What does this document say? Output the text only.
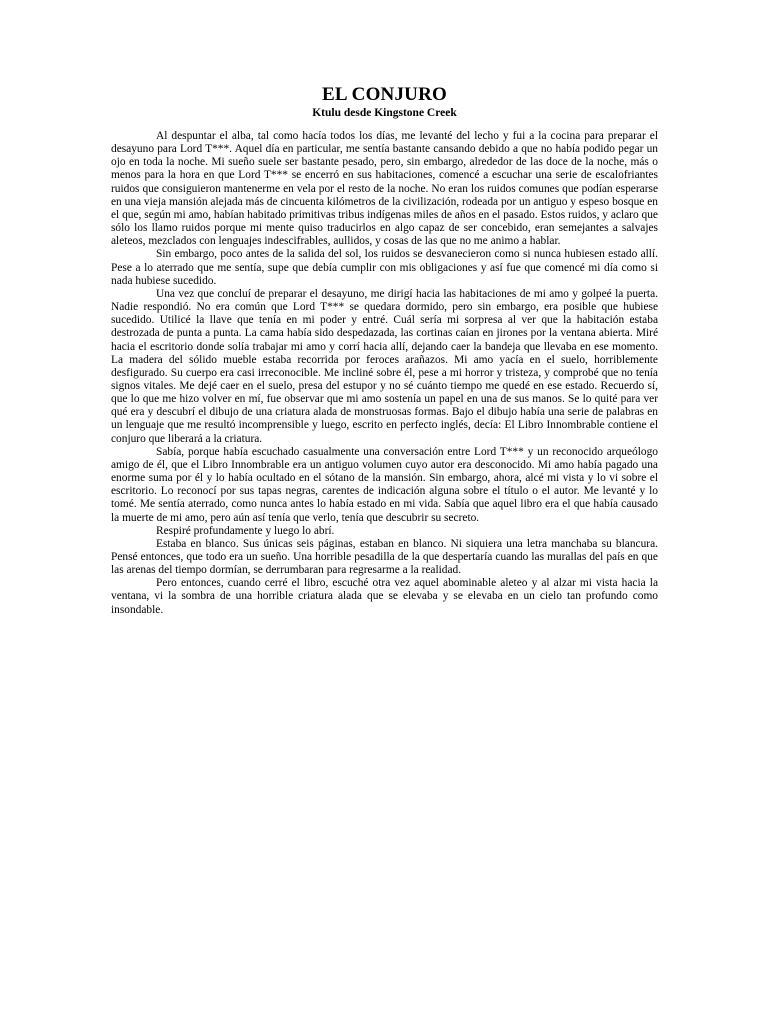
EL CONJURO
Ktulu desde Kingstone Creek

Al despuntar el alba, tal como hacía todos los días, me levanté del lecho y fui a la cocina para preparar el desayuno para Lord T***. Aquel día en particular, me sentía bastante cansando debido a que no había podido pegar un ojo en toda la noche. Mi sueño suele ser bastante pesado, pero, sin embargo, alrededor de las doce de la noche, más o menos para la hora en que Lord T*** se encerró en sus habitaciones, comencé a escuchar una serie de escalofriantes ruidos que consiguieron mantenerme en vela por el resto de la noche. No eran los ruidos comunes que podían esperarse en una vieja mansión alejada más de cincuenta kilómetros de la civilización, rodeada por un antiguo y espeso bosque en el que, según mi amo, habían habitado primitivas tribus indígenas miles de años en el pasado. Estos ruidos, y aclaro que sólo los llamo ruidos porque mi mente quiso traducirlos en algo capaz de ser concebido, eran semejantes a salvajes aleteos, mezclados con lenguajes indescifrables, aullidos, y cosas de las que no me animo a hablar.

Sin embargo, poco antes de la salida del sol, los ruidos se desvanecieron como si nunca hubiesen estado allí. Pese a lo aterrado que me sentía, supe que debía cumplir con mis obligaciones y así fue que comencé mi día como si nada hubiese sucedido.

Una vez que concluí de preparar el desayuno, me dirigí hacia las habitaciones de mi amo y golpeé la puerta. Nadie respondió. No era común que Lord T*** se quedara dormido, pero sin embargo, era posible que hubiese sucedido. Utilicé la llave que tenía en mi poder y entré. Cuál sería mi sorpresa al ver que la habitación estaba destrozada de punta a punta. La cama había sido despedazada, las cortinas caían en jirones por la ventana abierta. Miré hacia el escritorio donde solía trabajar mi amo y corrí hacia allí, dejando caer la bandeja que llevaba en ese momento. La madera del sólido mueble estaba recorrida por feroces arañazos. Mi amo yacía en el suelo, horriblemente desfigurado. Su cuerpo era casi irreconocible. Me incliné sobre él, pese a mi horror y tristeza, y comprobé que no tenía signos vitales. Me dejé caer en el suelo, presa del estupor y no sé cuánto tiempo me quedé en ese estado. Recuerdo sí, que lo que me hizo volver en mí, fue observar que mi amo sostenía un papel en una de sus manos. Se lo quité para ver qué era y descubrí el dibujo de una criatura alada de monstruosas formas. Bajo el dibujo había una serie de palabras en un lenguaje que me resultó incomprensible y luego, escrito en perfecto inglés, decía: El Libro Innombrable contiene el conjuro que liberará a la criatura.

Sabía, porque había escuchado casualmente una conversación entre Lord T*** y un reconocido arqueólogo amigo de él, que el Libro Innombrable era un antiguo volumen cuyo autor era desconocido. Mi amo había pagado una enorme suma por él y lo había ocultado en el sótano de la mansión. Sin embargo, ahora, alcé mi vista y lo vi sobre el escritorio. Lo reconocí por sus tapas negras, carentes de indicación alguna sobre el título o el autor. Me levanté y lo tomé. Me sentía aterrado, como nunca antes lo había estado en mi vida. Sabía que aquel libro era el que había causado la muerte de mi amo, pero aún así tenía que verlo, tenía que descubrir su secreto.

Respiré profundamente y luego lo abrí.

Estaba en blanco. Sus únicas seis páginas, estaban en blanco. Ni siquiera una letra manchaba su blancura. Pensé entonces, que todo era un sueño. Una horrible pesadilla de la que despertaría cuando las murallas del país en que las arenas del tiempo dormían, se derrumbaran para regresarme a la realidad.

Pero entonces, cuando cerré el libro, escuché otra vez aquel abominable aleteo y al alzar mi vista hacia la ventana, vi la sombra de una horrible criatura alada que se elevaba y se elevaba en un cielo tan profundo como insondable.
